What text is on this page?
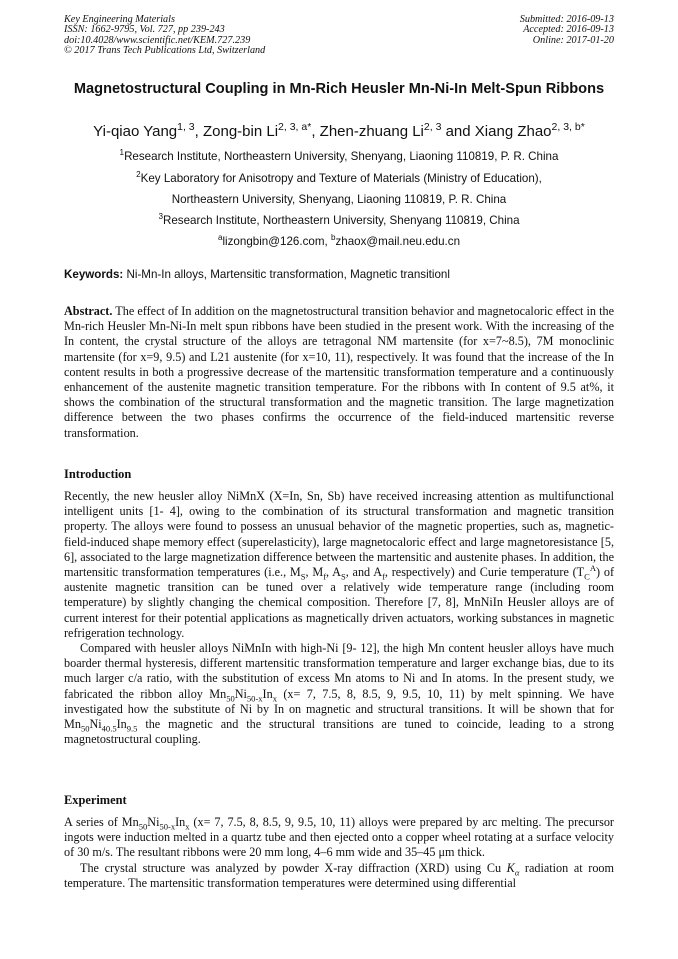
Key Engineering Materials
ISSN: 1662-9795, Vol. 727, pp 239-243
doi:10.4028/www.scientific.net/KEM.727.239
© 2017 Trans Tech Publications Ltd, Switzerland
Submitted: 2016-09-13
Accepted: 2016-09-13
Online: 2017-01-20
Magnetostructural Coupling in Mn-Rich Heusler Mn-Ni-In Melt-Spun Ribbons
Yi-qiao Yang$^{1, 3}$, Zong-bin $Li^{2, 3, a*}$, Zhen-zhuang Li$^{2, 3}$ and Xiang Zhao$^{2, 3, b*}$
$^1$Research Institute, Northeastern University, Shenyang, Liaoning 110819, P. R. China
$^2$Key Laboratory for Anisotropy and Texture of Materials (Ministry of Education),
Northeastern University, Shenyang, Liaoning 110819, P. R. China
$^3$Research Institute, Northeastern University, Shenyang 110819, China
$^a$lizongbin@126.com, $^b$zhaox@mail.neu.edu.cn
Keywords: Ni-Mn-In alloys, Martensitic transformation, Magnetic transitionl

Abstract. The effect of In addition on the magnetostructural transition behavior and magnetocaloric effect in the Mn-rich Heusler Mn-Ni-In melt spun ribbons have been studied in the present work. With the increasing of the In content, the crystal structure of the alloys are tetragonal NM martensite (for x=7~8.5), 7M monoclinic martensite (for x=9, 9.5) and L21 austenite (for x=10, 11), respectively. It was found that the increase of the In content results in both a progressive decrease of the martensitic transformation temperature and a continuously enhancement of the austenite magnetic transition temperature. For the ribbons with In content of 9.5 at%, it shows the combination of the structural transformation and the magnetic transition. The large magnetization difference between the two phases confirms the occurrence of the field-induced martensitic reverse transformation.

Introduction

Recently, the new heusler alloy NiMnX (X=In, Sn, Sb) have received increasing attention as multifunctional intelligent units [1- 4], owing to the combination of its structural transformation and magnetic transition property. The alloys were found to possess an unusual behavior of the magnetic properties, such as, magnetic-field-induced shape memory effect (superelasticity), large magnetocaloric effect and large magnetoresistance [5, 6], associated to the large magnetization difference between the martensitic and austenite phases. In addition, the martensitic transformation temperatures (i.e., $M_S$, $M_f$, $A_S$, and $A_f$, respectively) and Curie temperature $(T_C^A)$ of austenite magnetic transition can be tuned over a relatively wide temperature range (including room temperature) by slightly changing the chemical composition. Therefore [7, 8], MnNiIn Heusler alloys are of current interest for their potential applications as magnetically driven actuators, working substances in magnetic refrigeration technology.

Compared with heusler alloys NiMnIn with high-Ni [9- 12], the high Mn content heusler alloys have much boarder thermal hysteresis, different martensitic transformation temperature and larger exchange bias, due to its much larger c/a ratio, with the substitution of excess Mn atoms to Ni and In atoms. In the present study, we fabricated the ribbon alloy $Mn_{50}Ni_{50-x}In_x$ (x= 7, 7.5, 8, 8.5, 9, 9.5, 10, 11) by melt spinning. We have investigated how the substitute of Ni by In on magnetic and structural transitions. It will be shown that for $Mn_{50}Ni_{40.5}In_{9.5}$ the magnetic and the structural transitions are tuned to coincide, leading to a strong magnetostructural coupling.

Experiment

A series of $Mn_{50}Ni_{50-x}In_x$ (x= 7, 7.5, 8, 8.5, 9, 9.5, 10, 11) alloys were prepared by arc melting. The precursor ingots were induction melted in a quartz tube and then ejected onto a copper wheel rotating at a surface velocity of 30 m/s. The resultant ribbons were 20 mm long, 4–6 mm wide and 35–45 μm thick.

The crystal structure was analyzed by powder X-ray diffraction (XRD) using Cu $K_\alpha$ radiation at room temperature. The martensitic transformation temperatures were determined using differential
